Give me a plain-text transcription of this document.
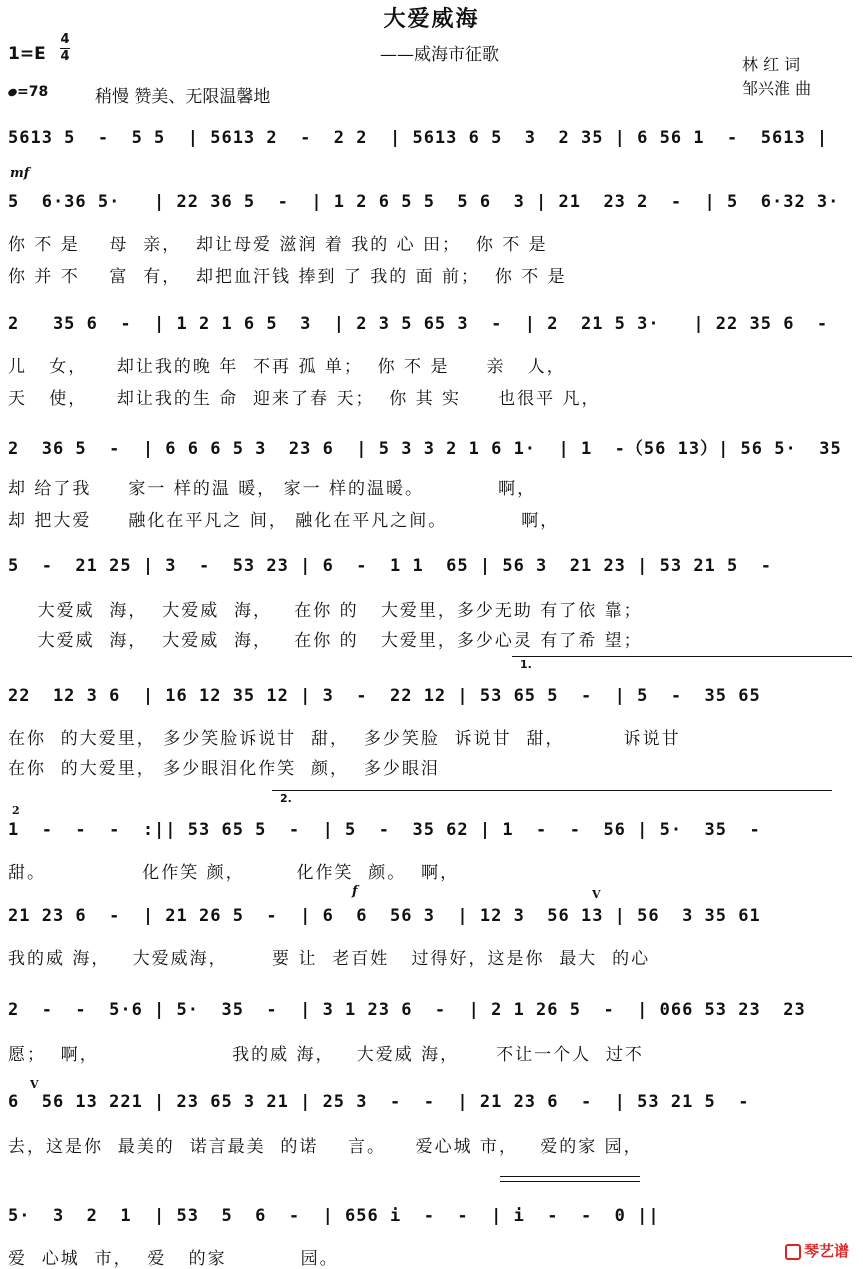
大爱威海
——威海市征歌
1=E
4
4
=78	稍慢 赞美、无限温馨地
林 红 词
邹兴淮 曲
mf
f	V
V
2
1.
2.
5613 5  -  5 5  | 5613 2  -  2 2  | 5613 6 5  3  2 35 | 6 56 1  -  5613 |
5  6·36 5·   | 22 36 5  -  | 1 2 6 5 5  5 6  3 | 21  23 2  -  | 5  6·32 3·
你 不 是    母  亲，  却让母爱 滋润 着 我的 心 田；  你 不 是
你 并 不    富  有，  却把血汗钱 捧到 了 我的 面 前；  你 不 是
2   35 6  -  | 1 2 1 6 5  3  | 2 3 5 65 3  -  | 2  21 5 3·   | 22 35 6  -
儿   女，    却让我的晚 年  不再 孤 单；  你 不 是     亲   人，
天   使，    却让我的生 命  迎来了春 天；  你 其 实     也很平 凡，
2  36 5  -  | 6 6 6 5 3  23 6  | 5 3 3 2 1 6 1·  | 1  -（56 13）| 56 5·  35
却 给了我     家一 样的温 暖， 家一 样的温暖。          啊，
却 把大爱     融化在平凡之 间， 融化在平凡之间。          啊，
5  -  21 25 | 3  -  53 23 | 6  -  1 1  65 | 56 3  21 23 | 53 21 5  -
大爱威  海，  大爱威  海，   在你 的   大爱里，多少无助 有了依 靠；
大爱威  海，  大爱威  海，   在你 的   大爱里，多少心灵 有了希 望；
22  12 3 6  | 16 12 35 12 | 3  -  22 12 | 53 65 5  -  | 5  -  35 65
在你  的大爱里， 多少笑脸诉说甘  甜，  多少笑脸  诉说甘  甜，        诉说甘
在你  的大爱里， 多少眼泪化作笑  颜，  多少眼泪
1  -  -  -  :|| 53 65 5  -  | 5  -  35 62 | 1  -  -  56 | 5·  35  -
甜。             化作笑 颜，       化作笑  颜。  啊，
21 23 6  -  | 21 26 5  -  | 6  6  56 3  | 12 3  56 13 | 56  3 35 61
我的威 海，   大爱威海，      要 让  老百姓   过得好，这是你  最大  的心
2  -  -  5·6 | 5·  35  -  | 3 1 23 6  -  | 2 1 26 5  -  | 066 53 23  23
愿；  啊，                  我的威 海，   大爱威 海，     不让一个人  过不
6  56 13 221 | 23 65 3 21 | 25 3  -  -  | 21 23 6  -  | 53 21 5  -
去，这是你  最美的  诺言最美  的诺    言。    爱心城 市，   爱的家 园，
5·  3  2  1  | 53  5  6  -  | 656 i  -  -  | i  -  -  0 ||
爱  心城  市，  爱   的家          园。	琴艺谱
